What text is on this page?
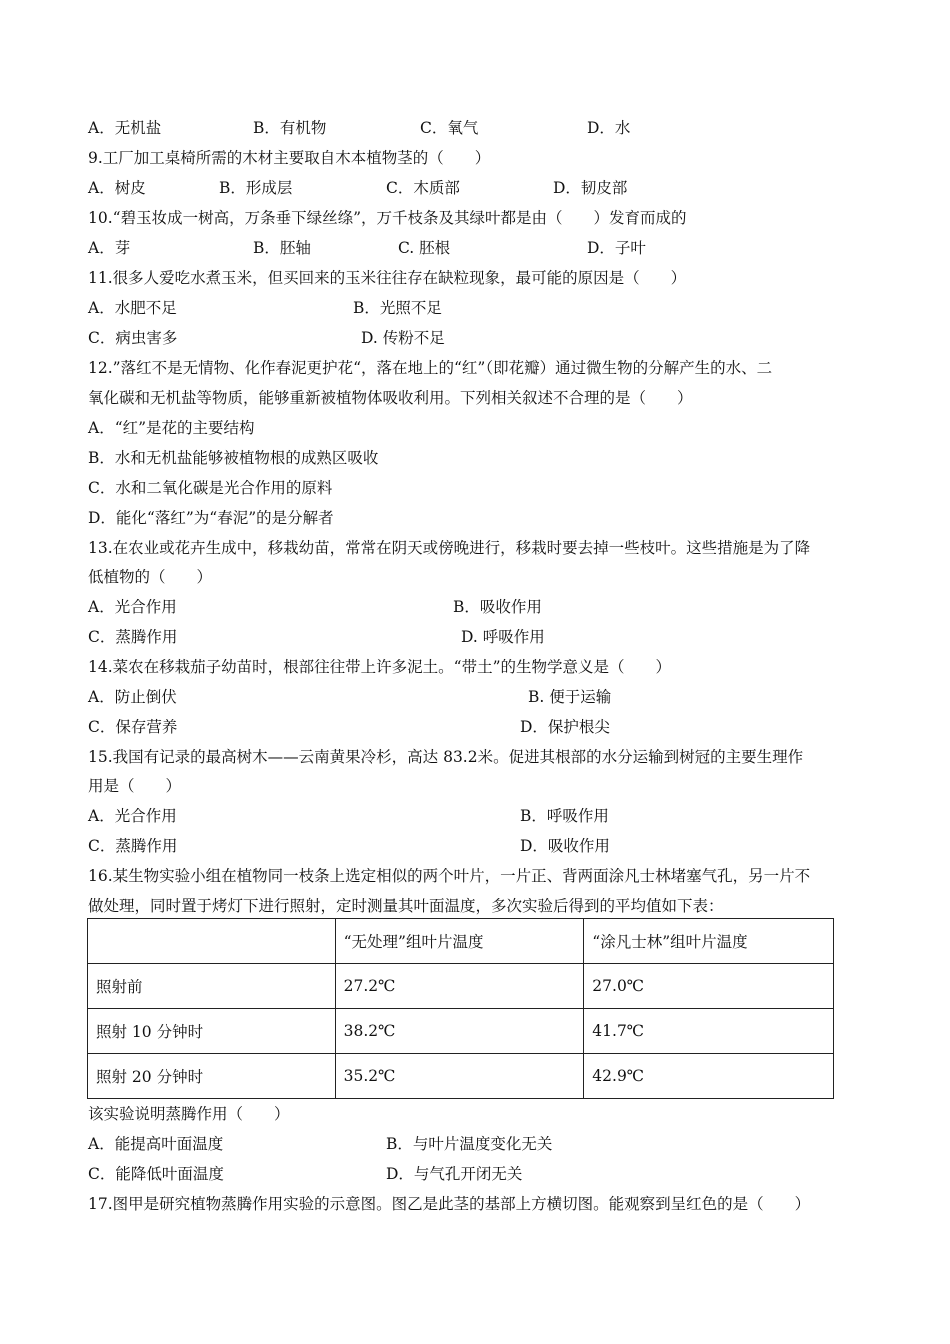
A．无机盐	B．有机物	C．氧气	D．水
9.工厂加工桌椅所需的木材主要取自木本植物茎的（　　）
A．树皮	B．形成层	C．木质部	D．韧皮部
10.“碧玉妆成一树高，万条垂下绿丝绦”，万千枝条及其绿叶都是由（　　）发育而成的
A．芽	B．胚轴	C. 胚根	D．子叶
11.很多人爱吃水煮玉米，但买回来的玉米往往存在缺粒现象，最可能的原因是（　　）
A．水肥不足	B．光照不足
C．病虫害多	D. 传粉不足
12.”落红不是无情物、化作春泥更护花“，落在地上的“红”（即花瓣）通过微生物的分解产生的水、二
氧化碳和无机盐等物质，能够重新被植物体吸收利用。下列相关叙述不合理的是（　　）
A．“红”是花的主要结构
B．水和无机盐能够被植物根的成熟区吸收
C．水和二氧化碳是光合作用的原料
D．能化“落红”为“春泥”的是分解者
13.在农业或花卉生成中，移栽幼苗，常常在阴天或傍晚进行，移栽时要去掉一些枝叶。这些措施是为了降
低植物的（　　）
A．光合作用	B．吸收作用
C．蒸腾作用	D. 呼吸作用
14.菜农在移栽茄子幼苗时，根部往往带上许多泥土。“带土”的生物学意义是（　　）
A．防止倒伏	B. 便于运输
C．保存营养	D．保护根尖
15.我国有记录的最高树木——云南黄果冷杉，高达 83.2米。促进其根部的水分运输到树冠的主要生理作
用是（　　）
A．光合作用	B．呼吸作用
C．蒸腾作用	D．吸收作用
16.某生物实验小组在植物同一枝条上选定相似的两个叶片，一片正、背两面涂凡士林堵塞气孔，另一片不
做处理，同时置于烤灯下进行照射，定时测量其叶面温度，多次实验后得到的平均值如下表：
	“无处理”组叶片温度	“涂凡士林”组叶片温度
照射前	27.2℃	27.0℃
照射 10 分钟时	38.2℃	41.7℃
照射 20 分钟时	35.2℃	42.9℃
该实验说明蒸腾作用（　　）
A．能提高叶面温度	B．与叶片温度变化无关
C．能降低叶面温度	D．与气孔开闭无关
17.图甲是研究植物蒸腾作用实验的示意图。图乙是此茎的基部上方横切图。能观察到呈红色的是（　　）
